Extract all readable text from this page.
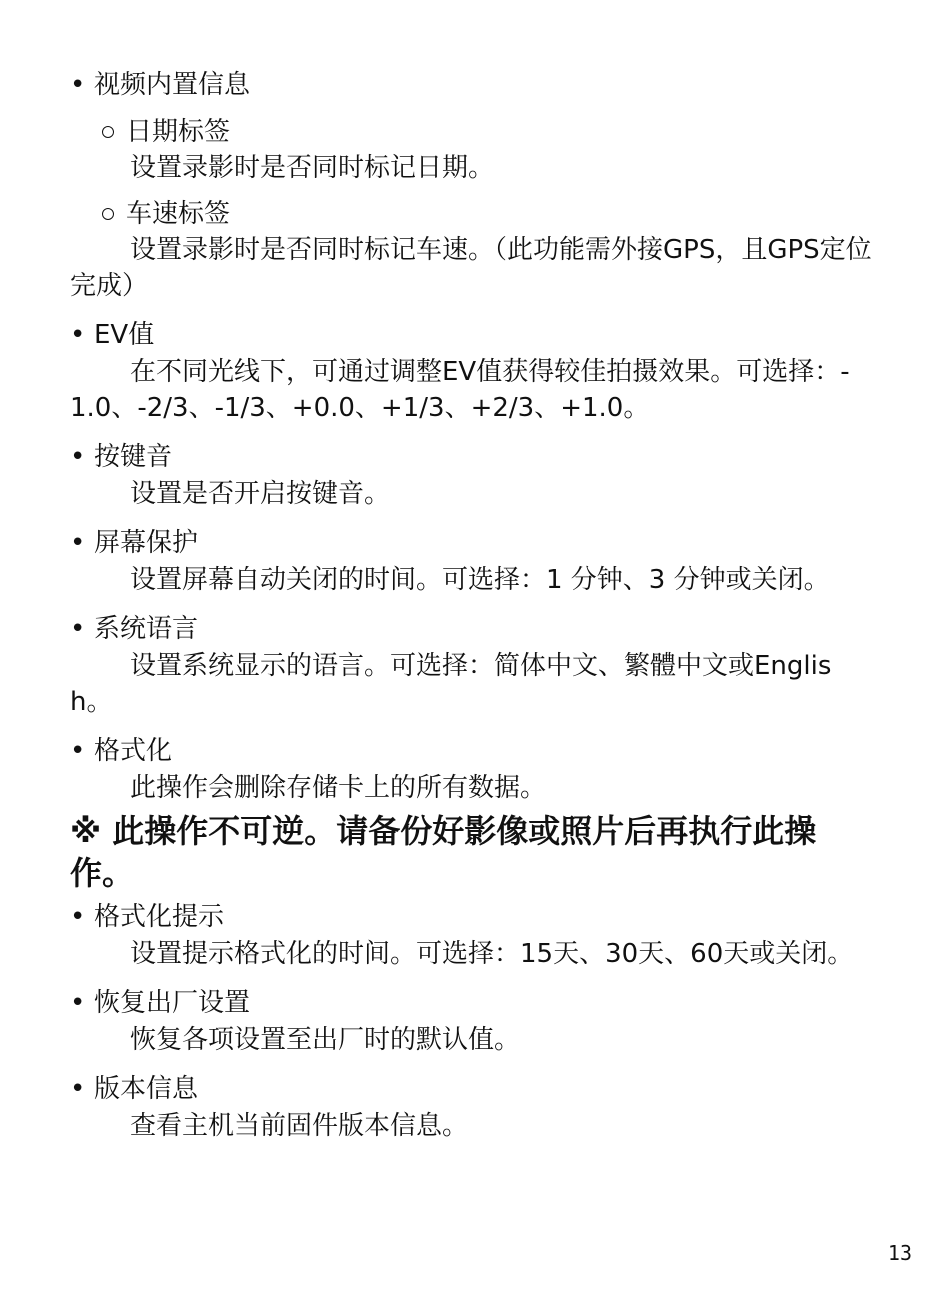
• 视频内置信息
日期标签

设置录影时是否同时标记日期。

车速标签

设置录影时是否同时标记车速。（此功能需外接GPS，且GPS定位完成）

• EV值

在不同光线下，可通过调整EV值获得较佳拍摄效果。可选择：-1.0、-2/3、-1/3、+0.0、+1/3、+2/3、+1.0。

• 按键音

设置是否开启按键音。

• 屏幕保护

设置屏幕自动关闭的时间。可选择：1 分钟、3 分钟或关闭。

• 系统语言

设置系统显示的语言。可选择：简体中文、繁體中文或English。

• 格式化

此操作会删除存储卡上的所有数据。

※ 此操作不可逆。请备份好影像或照片后再执行此操作。

• 格式化提示

设置提示格式化的时间。可选择：15天、30天、60天或关闭。

• 恢复出厂设置

恢复各项设置至出厂时的默认值。

• 版本信息

查看主机当前固件版本信息。

13
